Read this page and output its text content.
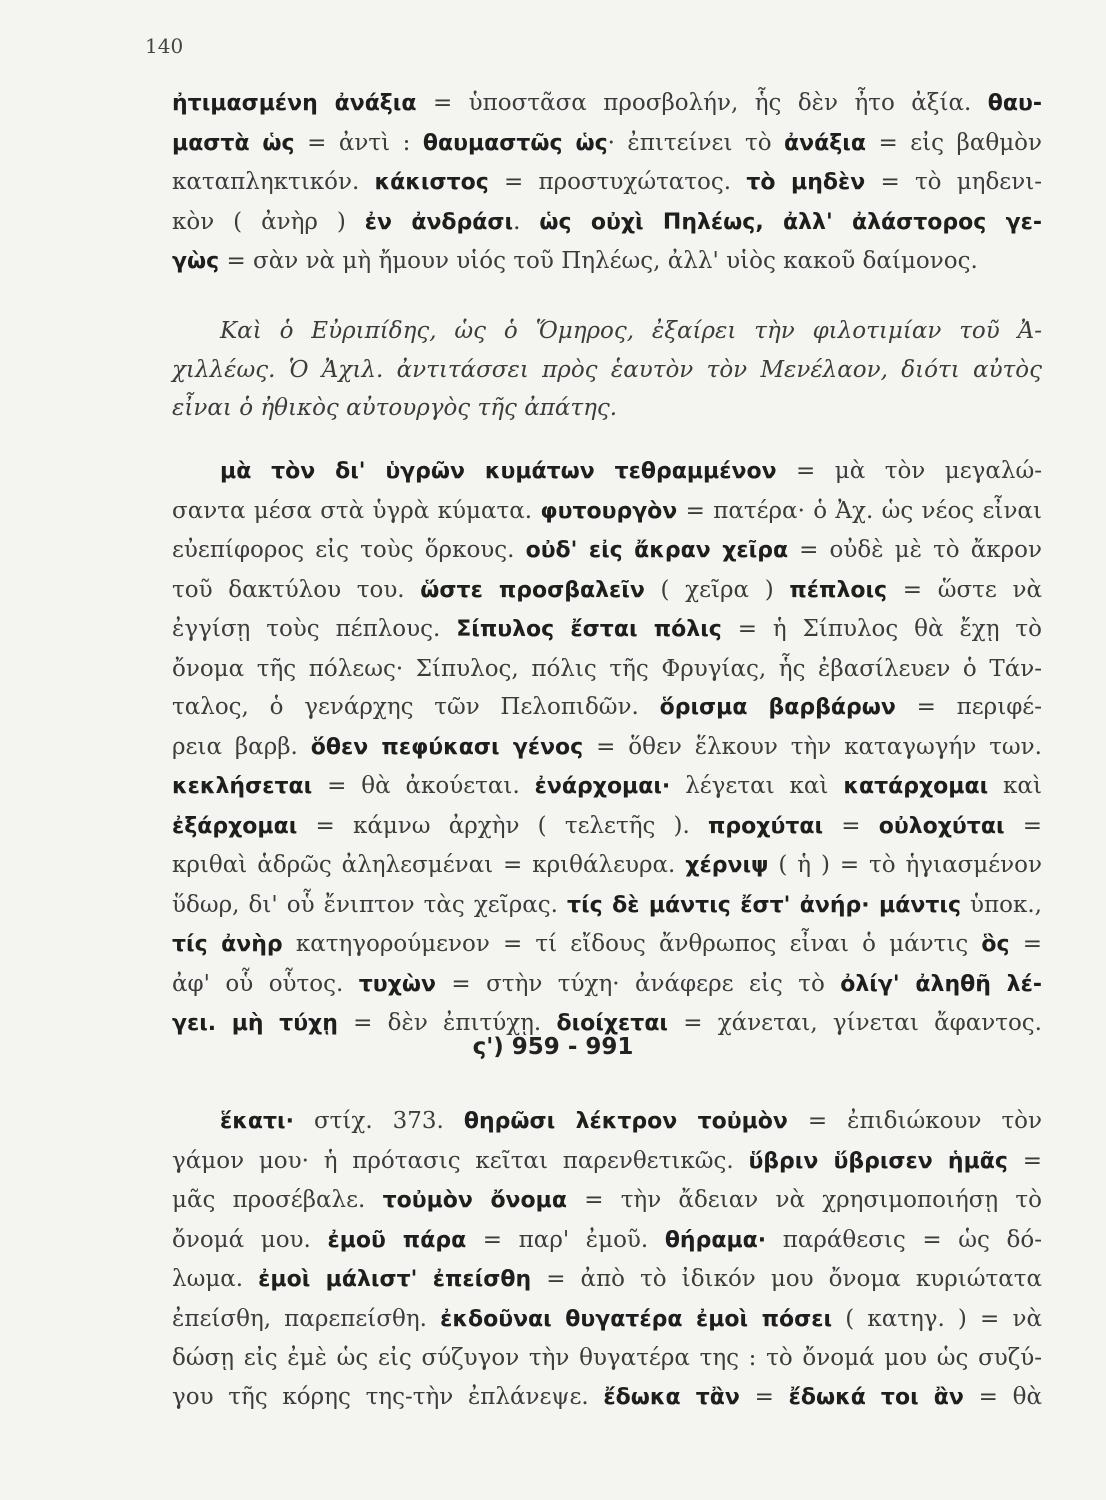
140
ἠτιμασμένη ἀνάξια = ὑποστᾶσα προσβολήν, ἧς δὲν ἦτο ἀξία. θαυ-
μαστὰ ὡς = ἀντὶ : θαυμαστῶς ὡς· ἐπιτείνει τὸ ἀνάξια = εἰς βαθμὸν
καταπληκτικόν. κάκιστος = προστυχώτατος. τὸ μηδὲν = τὸ μηδενι-
κὸν ( ἀνὴρ ) ἐν ἀνδράσι. ὡς οὐχὶ Πηλέως, ἀλλ' ἀλάστορος γε-
γὼς = σὰν νὰ μὴ ἤμουν υἱός τοῦ Πηλέως, ἀλλ' υἱὸς κακοῦ δαίμονος.
Καὶ ὁ Εὐριπίδης, ὡς ὁ Ὅμηρος, ἐξαίρει τὴν φιλοτιμίαν τοῦ Ἀ-
χιλλέως. Ὁ Ἀχιλ. ἀντιτάσσει πρὸς ἑαυτὸν τὸν Μενέλαον, διότι αὐτὸς
εἶναι ὁ ἠθικὸς αὐτουργὸς τῆς ἀπάτης.
μὰ τὸν δι' ὑγρῶν κυμάτων τεθραμμένον = μὰ τὸν μεγαλώ-
σαντα μέσα στὰ ὑγρὰ κύματα. φυτουργὸν = πατέρα· ὁ Ἀχ. ὡς νέος εἶναι
εὐεπίφορος εἰς τοὺς ὅρκους. οὐδ' εἰς ἄκραν χεῖρα = οὐδὲ μὲ τὸ ἄκρον
τοῦ δακτύλου του. ὥστε προσβαλεῖν ( χεῖρα ) πέπλοις = ὥστε νὰ
ἐγγίσῃ τοὺς πέπλους. Σίπυλος ἔσται πόλις = ἡ Σίπυλος θὰ ἔχῃ τὸ
ὄνομα τῆς πόλεως· Σίπυλος, πόλις τῆς Φρυγίας, ἧς ἐβασίλευεν ὁ Τάν-
ταλος, ὁ γενάρχης τῶν Πελοπιδῶν. ὅρισμα βαρβάρων = περιφέ-
ρεια βαρβ. ὅθεν πεφύκασι γένος = ὅθεν ἕλκουν τὴν καταγωγήν των.
κεκλήσεται = θὰ ἀκούεται. ἐνάρχομαι· λέγεται καὶ κατάρχομαι καὶ
ἐξάρχομαι = κάμνω ἀρχὴν ( τελετῆς ). προχύται = οὐλοχύται =
κριθαὶ ἁδρῶς ἀληλεσμέναι = κριθάλευρα. χέρνιψ ( ἡ ) = τὸ ἡγιασμένον
ὕδωρ, δι' οὗ ἔνιπτον τὰς χεῖρας. τίς δὲ μάντις ἔστ' ἀνήρ· μάντις ὑποκ.,
τίς ἀνὴρ κατηγορούμενον = τί εἴδους ἄνθρωπος εἶναι ὁ μάντις ὃς =
ἀφ' οὗ οὗτος. τυχὼν = στὴν τύχη· ἀνάφερε εἰς τὸ ὀλίγ' ἀληθῆ λέ-
γει. μὴ τύχῃ = δὲν ἐπιτύχῃ. διοίχεται = χάνεται, γίνεται ἄφαντος.
ς') 959 - 991
ἕκατι· στίχ. 373. θηρῶσι λέκτρον τοὐμὸν = ἐπιδιώκουν τὸν
γάμον μου· ἡ πρότασις κεῖται παρενθετικῶς. ὕβριν ὕβρισεν ἡμᾶς =
μᾶς προσέβαλε. τοὐμὸν ὄνομα = τὴν ἄδειαν νὰ χρησιμοποιήσῃ τὸ
ὄνομά μου. ἐμοῦ πάρα = παρ' ἐμοῦ. θήραμα· παράθεσις = ὡς δό-
λωμα. ἐμοὶ μάλιστ' ἐπείσθη = ἀπὸ τὸ ἰδικόν μου ὄνομα κυριώτατα
ἐπείσθη, παρεπείσθη. ἐκδοῦναι θυγατέρα ἐμοὶ πόσει ( κατηγ. ) = νὰ
δώσῃ εἰς ἐμὲ ὡς εἰς σύζυγον τὴν θυγατέρα της : τὸ ὄνομά μου ὡς συζύ-
γου τῆς κόρης της-τὴν ἐπλάνεψε. ἔδωκα τἂν = ἔδωκά τοι ἂν = θὰ
